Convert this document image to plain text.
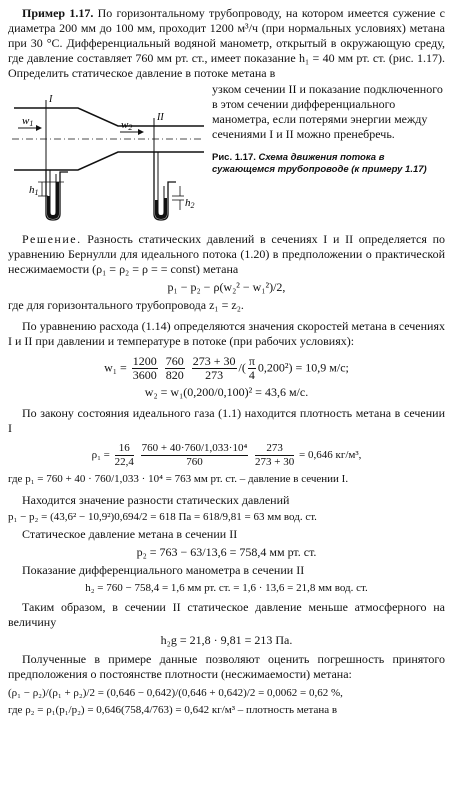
Пример 1.17. По горизонтальному трубопроводу, на котором имеется сужение с диаметра 200 мм до 100 мм, проходит 1200 м³/ч (при нормальных условиях) метана при 30 °C. Дифференциальный водяной манометр, открытый в окружающую среду, где давление составляет 760 мм рт. ст., имеет показание h₁ = 40 мм рт. ст. (рис. 1.17). Определить статическое давление в потоке метана в

w1	w2
I
II
h1
h2

узком сечении II и показание подключенного в этом сечении дифференциального манометра, если потерями энергии между сечениями I и II можно пренебречь.

Рис. 1.17. Схема движения потока в сужающемся трубопроводе (к примеру 1.17)

Решение. Разность статических давлений в сечениях I и II определяется по уравнению Бернулли для идеального потока (1.20) в предположении о практической несжимаемости (ρ₁ = ρ₂ = ρ = = const) метана

p₁ − p₂ − ρ(w₂² − w₁²)/2,

где для горизонтального трубопровода z₁ = z₂.

По уравнению расхода (1.14) определяются значения скоростей метана в сечениях I и II при давлении и температуре в потоке (при рабочих условиях):

$w_1 = \frac{1200}{3600}$
$\frac{760}{820}$
$\frac{273 + 30}{273}$ /( $\frac{\pi}{4} 0,200^2) = 10,9$ м/с;
w₂ = w₁(0,200/0,100)² = 43,6 м/с.

По закону состояния идеального газа (1.1) находится плотность метана в сечении I

$\rho_1 = \frac{16}{22,4}$
$\frac{\text{760 + 40·760/1,033·10⁴}}{760}$
$\frac{273}{273 + 30} = 0,646$ кг/м³,

где p₁ = 760 + 40 · 760/1,033 · 10⁴ = 763 мм рт. ст. – давление в сечении I.

Находится значение разности статических давлений

p₁ − p₂ = (43,6² − 10,9²)0,694/2 = 618 Па = 618/9,81 = 63 мм вод. ст.

Статическое давление метана в сечении II

p₂ = 763 − 63/13,6 = 758,4 мм рт. ст.

Показание дифференциального манометра в сечении II

h₂ = 760 − 758,4 = 1,6 мм рт. ст. = 1,6 · 13,6 = 21,8 мм вод. ст.

Таким образом, в сечении II статическое давление меньше атмосферного на величину

h₂g = 21,8 · 9,81 = 213 Па.

Полученные в примере данные позволяют оценить погрешность принятого предположения о постоянстве плотности (несжимаемости) метана:

(ρ₁ − ρ₂)/(ρ₁ + ρ₂)/2 = (0,646 − 0,642)/(0,646 + 0,642)/2 = 0,0062 = 0,62 %,
где ρ₂ = ρ₁(p₁/p₂) = 0,646(758,4/763) = 0,642 кг/м³ – плотность метана в
